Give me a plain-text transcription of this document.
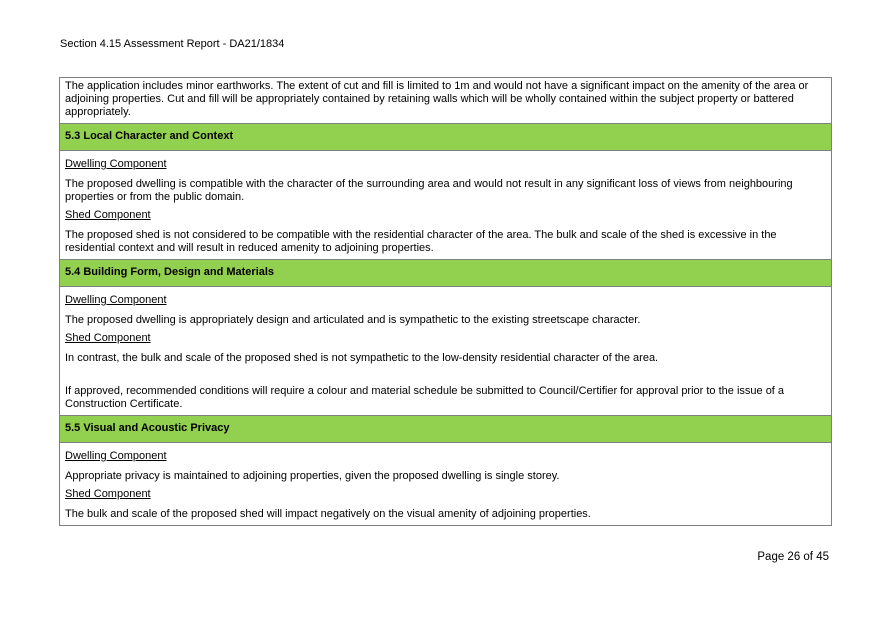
Section 4.15 Assessment Report - DA21/1834
The application includes minor earthworks. The extent of cut and fill is limited to 1m and would not have a significant impact on the amenity of the area or adjoining properties. Cut and fill will be appropriately contained by retaining walls which will be wholly contained within the subject property or battered appropriately.
5.3 Local Character and Context
Dwelling Component
The proposed dwelling is compatible with the character of the surrounding area and would not result in any significant loss of views from neighbouring properties or from the public domain.
Shed Component
The proposed shed is not considered to be compatible with the residential character of the area. The bulk and scale of the shed is excessive in the residential context and will result in reduced amenity to adjoining properties.
5.4 Building Form, Design and Materials
Dwelling Component
The proposed dwelling is appropriately design and articulated and is sympathetic to the existing streetscape character.
Shed Component
In contrast, the bulk and scale of the proposed shed is not sympathetic to the low-density residential character of the area.
If approved, recommended conditions will require a colour and material schedule be submitted to Council/Certifier for approval prior to the issue of a Construction Certificate.
5.5 Visual and Acoustic Privacy
Dwelling Component
Appropriate privacy is maintained to adjoining properties, given the proposed dwelling is single storey.
Shed Component
The bulk and scale of the proposed shed will impact negatively on the visual amenity of adjoining properties.
Page 26 of 45
